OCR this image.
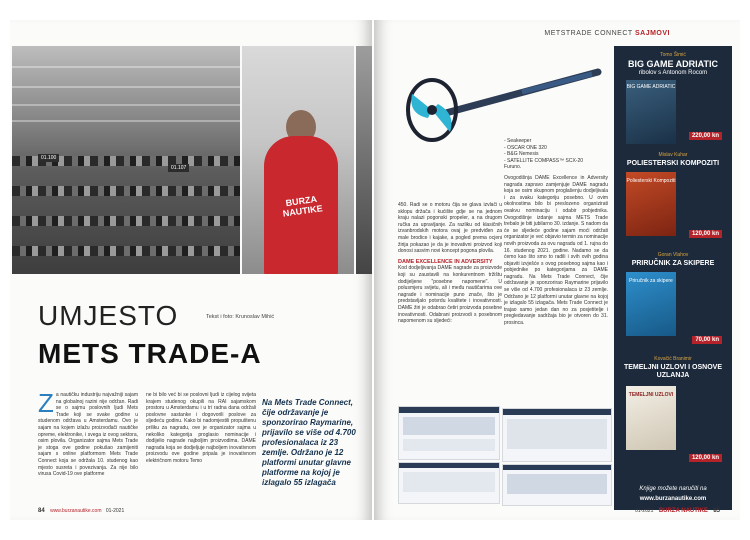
01.100
01.107
BURZA NAUTIKE
UMJESTO	Tekst i foto: Krunoslav Mihić
METS TRADE-A
Z a nautičku industriju najvažniji sajam na globalnoj razini nije održan. Radi se o sajmu poslovnih ljudi Mets Trade koji se svake godine u studenom održava u Amsterdamu. Ovo je sajam na kojem izlažu proizvođači nautičke opreme, elektronike, i svega iz ovog sektora, osim plovila. Organizator sajma Mets Trade je stoga ove godine pokušao zamijeniti sajam s online platformom Mets Trade Connect koja se održala 10. studenog kao mjesto susreta i povezivanja. Za nije bilo virusa Covid-19 ove platforme
ne bi bilo već bi se poslovni ljudi iz cijelog svijeta krajem studenog okupili na RAI sajamskom prostoru u Amsterdamu i u tri radna dana održali poslovne sastanke i dogovorili poslove za sljedeću godinu. Kako bi nadomjestili propuštenu priliku za nagradu, ove je organizator sajma u nekoliko kategorija proglasio nominacije i dodijelio nagrade najboljim proizvodima. DAME nagrada koja se dodjeljuje najboljem inovativnom proizvodu ove godine pripala je inovativnom električnom motoru Temo
Na Mets Trade Connect, čije održavanje je sponzorirao Raymarine, prijavilo se više od 4.700 profesionalaca iz 23 zemlje. Održano je 12 platformi unutar glavne platforme na kojoj je izlagalo 55 izlagača
84 www.burzanautike.com 01-2021
METSTRADE CONNECT SAJMOVI
450. Radi se o motoru čija se glava izvlači u sklopu držača i kućište gdje se na jednom kraju nalazi pogonski propeler, a na drugom ručka za upravljanje. Za razliku od klasičnih izvanbrodskih motora ovaj je predviđen za male brodice i kajake, a pogled prema ocjeni žirija pokazao je da je inovativni proizvod koji donosi sasvim novi koncept pogona plovila.
DAME EXCELLENCE IN ADVERSITY
Kod dodjeljivanja DAME nagrade za proizvode koji su zaustavili na konkurentnom tržištu dodijeljene "posebne napomene". U polusmjeru svijetu, ali i među nautičarima ove nagrade i nominacije puno znače, što je predstavljalo potvrdu kvalitete i inovativnosti. DAME žiri je odabrao četiri proizvoda posebne inovativnosti. Odabrani proizvodi s posebnom napomenom su sljedeći:
- Seakeeper
- OSCAR ONE 320
- B&G Nemesis
- SATELLITE COMPASS™ SCX-20
Furuno.
Ovogodišnja DAME Excellence in Adversity nagrada zapravo zamjenjuje DAME nagradu koja se osim skupnom proglašenju dodjeljivala i za svaku kategoriju posebno. U ovim okolnostima bilo bi preslozeno organizirati ovakvu nominaciju i odabir pobjednika. Ovogodišnje izdanje sajma METS Trade trebalo je biti jubilarno 30. izdanje. S nadom da će se sljedeće godine sajam moći održati organizator je već objavio termin za nominacije novih proizvoda za ovu nagradu od 1. rujna do 16. studenog 2021. godine. Nadamo se da ćemo kao što smo to radili i svih ovih godina objaviti izvješće s ovog posebnog sajma kao i pobjednike po kategorijama za DAME nagradu. Na Mets Trade Connect, čije održavanje je sponzorirao Raymarine prijavilo se više od 4.700 profesionalaca iz 23 zemlje. Održano je 12 platformi unutar glavne na kojoj je izlagalo 55 izlagača. Mets Trade Connect je trajao samo jedan dan no za posjetitelje i pregledavanje sadržaja bio je otvoren do 31. prosinca.
Tomo Šimić
BIG GAME ADRIATIC
ribolov s Antonom Rocom
BIG GAME ADRIATIC
220,00 kn
Mislav Kuhar
POLIESTERSKI KOMPOZITI
Poliesterski Kompoziti
120,00 kn
Goran Vlahov
PRIRUČNIK ZA SKIPERE
Priručnik za skipere
70,00 kn
Kovačić Branimir
TEMELJNI UZLOVI I OSNOVE UZLANJA
TEMELJNI UZLOVI
120,00 kn
Knjige možete naručiti na
www.burzanautike.com
01-2021 BURZA NAUTIKE 85
